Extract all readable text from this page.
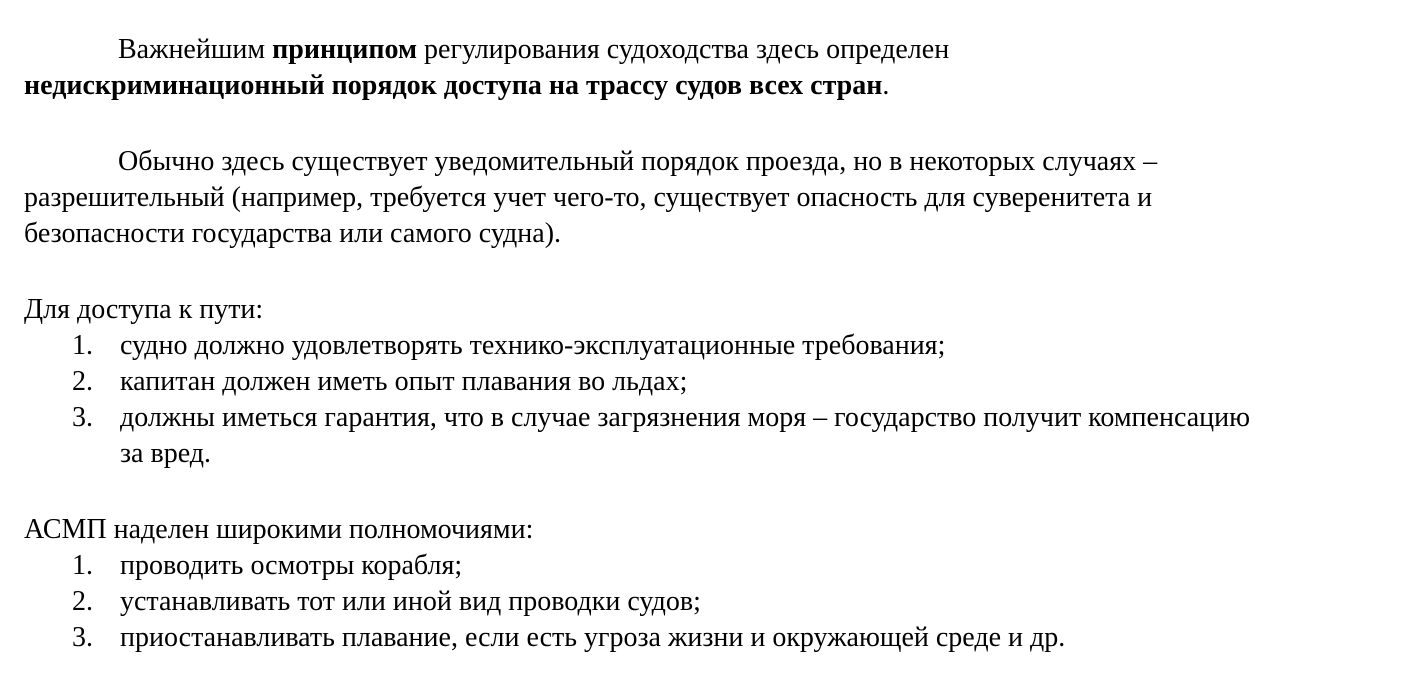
Важнейшим принципом регулирования судоходства здесь определен
недискриминационный порядок доступа на трассу судов всех стран.
Обычно здесь существует уведомительный порядок проезда, но в некоторых случаях –
разрешительный (например, требуется учет чего-то, существует опасность для суверенитета и
безопасности государства или самого судна).
Для доступа к пути:
1. судно должно удовлетворять технико-эксплуатационные требования;
2. капитан должен иметь опыт плавания во льдах;
3. должны иметься гарантия, что в случае загрязнения моря – государство получит компенсацию
за вред.
АСМП наделен широкими полномочиями:
1. проводить осмотры корабля;
2. устанавливать тот или иной вид проводки судов;
3. приостанавливать плавание, если есть угроза жизни и окружающей среде и др.
